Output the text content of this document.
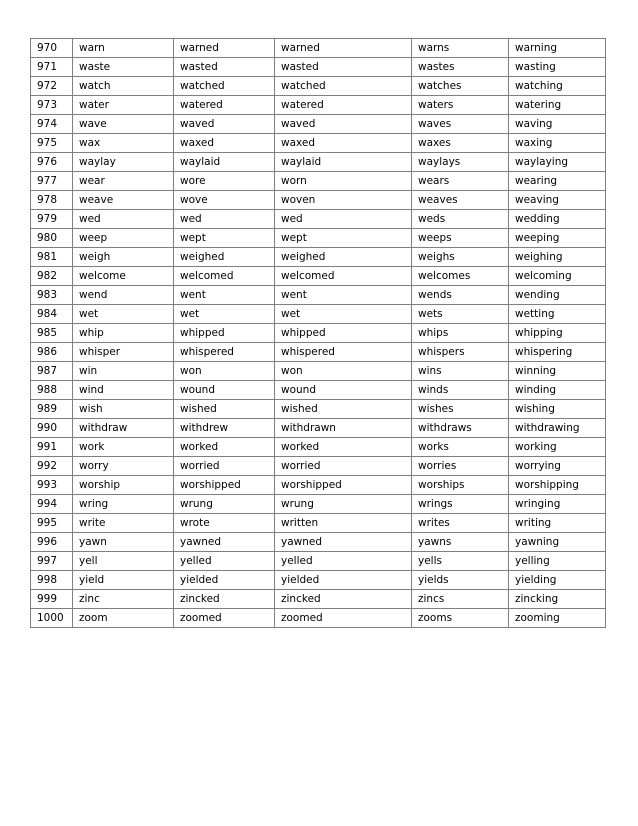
970	warn	warned	warned	warns	warning
971	waste	wasted	wasted	wastes	wasting
972	watch	watched	watched	watches	watching
973	water	watered	watered	waters	watering
974	wave	waved	waved	waves	waving
975	wax	waxed	waxed	waxes	waxing
976	waylay	waylaid	waylaid	waylays	waylaying
977	wear	wore	worn	wears	wearing
978	weave	wove	woven	weaves	weaving
979	wed	wed	wed	weds	wedding
980	weep	wept	wept	weeps	weeping
981	weigh	weighed	weighed	weighs	weighing
982	welcome	welcomed	welcomed	welcomes	welcoming
983	wend	went	went	wends	wending
984	wet	wet	wet	wets	wetting
985	whip	whipped	whipped	whips	whipping
986	whisper	whispered	whispered	whispers	whispering
987	win	won	won	wins	winning
988	wind	wound	wound	winds	winding
989	wish	wished	wished	wishes	wishing
990	withdraw	withdrew	withdrawn	withdraws	withdrawing
991	work	worked	worked	works	working
992	worry	worried	worried	worries	worrying
993	worship	worshipped	worshipped	worships	worshipping
994	wring	wrung	wrung	wrings	wringing
995	write	wrote	written	writes	writing
996	yawn	yawned	yawned	yawns	yawning
997	yell	yelled	yelled	yells	yelling
998	yield	yielded	yielded	yields	yielding
999	zinc	zincked	zincked	zincs	zincking
1000	zoom	zoomed	zoomed	zooms	zooming
